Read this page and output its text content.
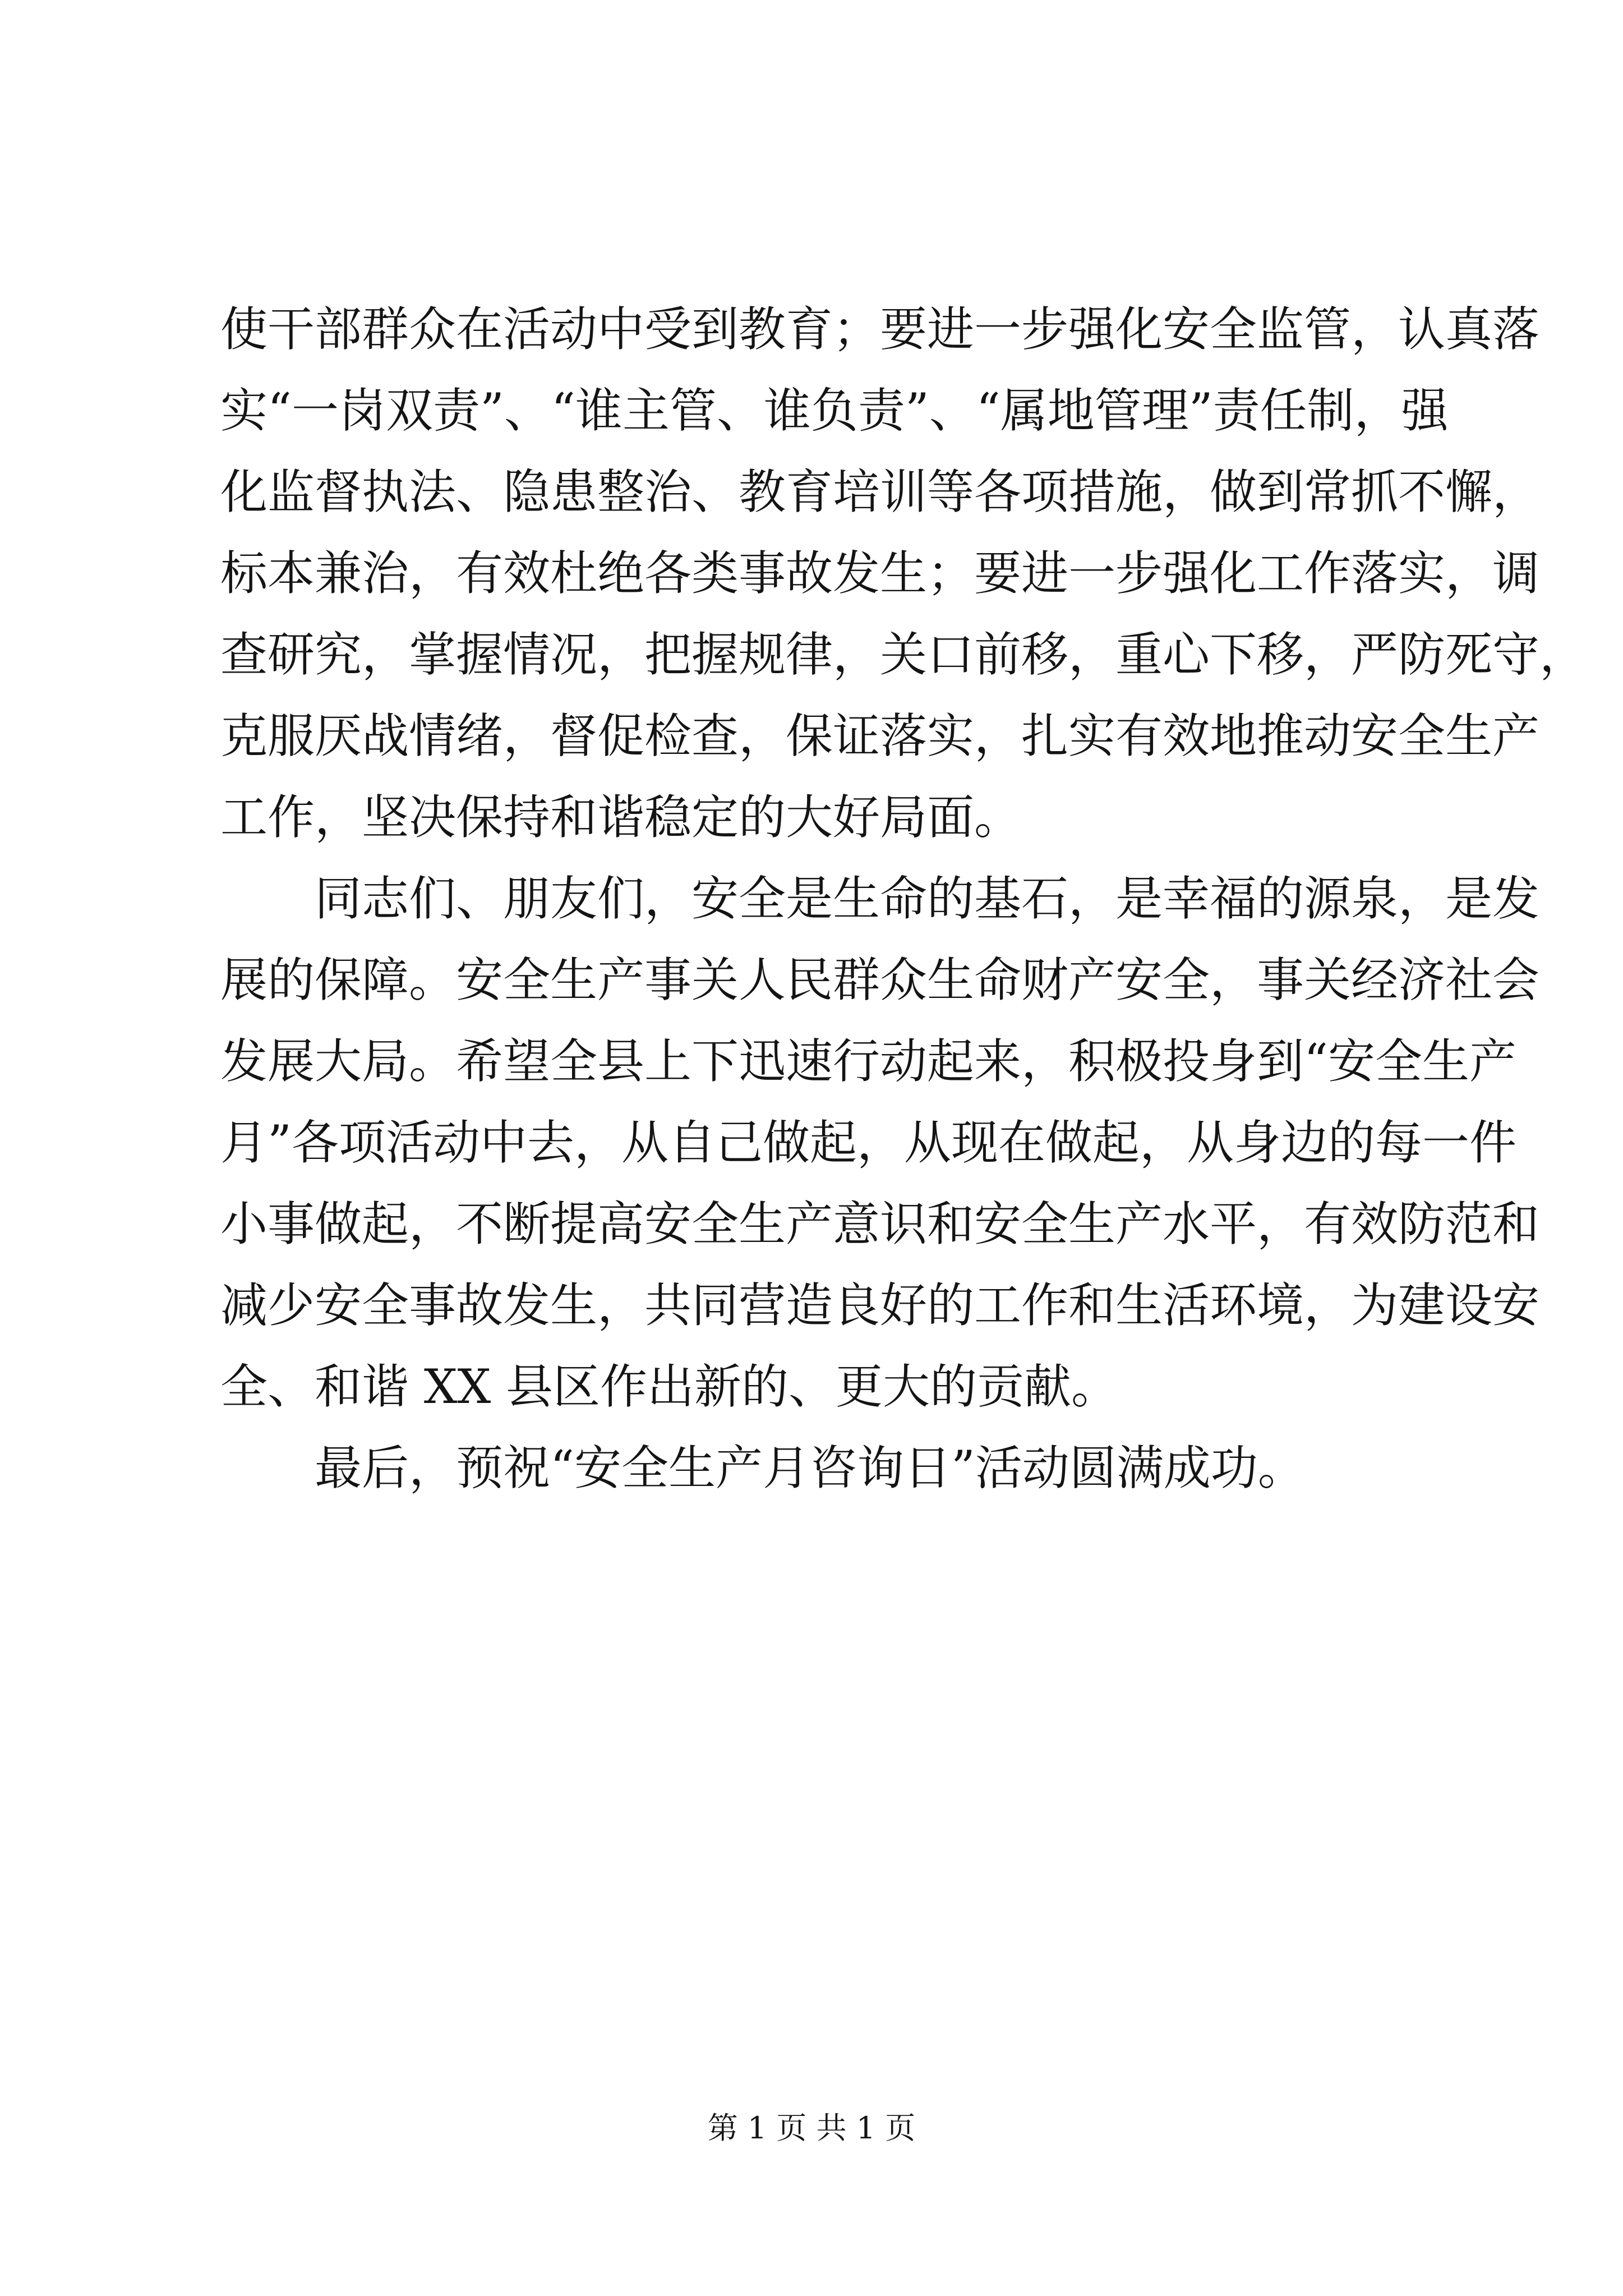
使干部群众在活动中受到教育；要进一步强化安全监管，认真落
实“一岗双责”、“谁主管、谁负责”、“属地管理”责任制，强
化监督执法、隐患整治、教育培训等各项措施，做到常抓不懈，
标本兼治，有效杜绝各类事故发生；要进一步强化工作落实，调
查研究，掌握情况，把握规律，关口前移，重心下移，严防死守，
克服厌战情绪，督促检查，保证落实，扎实有效地推动安全生产
工作，坚决保持和谐稳定的大好局面。
同志们、朋友们，安全是生命的基石，是幸福的源泉，是发
展的保障。安全生产事关人民群众生命财产安全，事关经济社会
发展大局。希望全县上下迅速行动起来，积极投身到“安全生产
月”各项活动中去，从自己做起，从现在做起，从身边的每一件
小事做起，不断提高安全生产意识和安全生产水平，有效防范和
减少安全事故发生，共同营造良好的工作和生活环境，为建设安
全、和谐 XX 县区作出新的、更大的贡献。
最后，预祝“安全生产月咨询日”活动圆满成功。
第 1 页 共 1 页
